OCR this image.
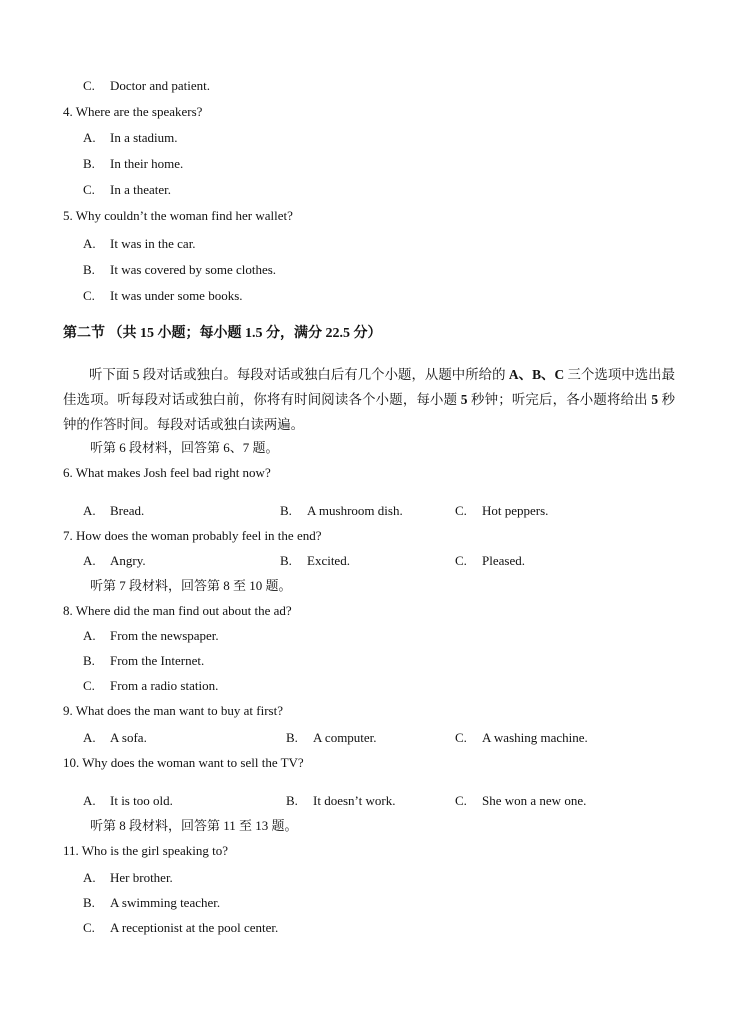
C. Doctor and patient.
4. Where are the speakers?
A. In a stadium.
B. In their home.
C. In a theater.
5. Why couldn’t the woman find her wallet?
A. It was in the car.
B. It was covered by some clothes.
C. It was under some books.
第二节 （共 15 小题；每小题 1.5 分，满分 22.5 分）
听下面 5 段对话或独白。每段对话或独白后有几个小题，从题中所给的 A、B、C 三个选项中选出最佳选项。听每段对话或独白前，你将有时间阅读各个小题，每小题 5 秒钟；听完后，各小题将给出 5 秒钟的作答时间。每段对话或独白读两遍。
听第 6 段材料，回答第 6、7 题。
6. What makes Josh feel bad right now?
A. Bread.	B. A mushroom dish.	C. Hot peppers.
7. How does the woman probably feel in the end?
A. Angry.	B. Excited.	C. Pleased.
听第 7 段材料，回答第 8 至 10 题。
8. Where did the man find out about the ad?
A. From the newspaper.
B. From the Internet.
C. From a radio station.
9. What does the man want to buy at first?
A. A sofa.	B. A computer.	C. A washing machine.
10. Why does the woman want to sell the TV?
A. It is too old.	B. It doesn’t work.	C. She won a new one.
听第 8 段材料，回答第 11 至 13 题。
11. Who is the girl speaking to?
A. Her brother.
B. A swimming teacher.
C. A receptionist at the pool center.
